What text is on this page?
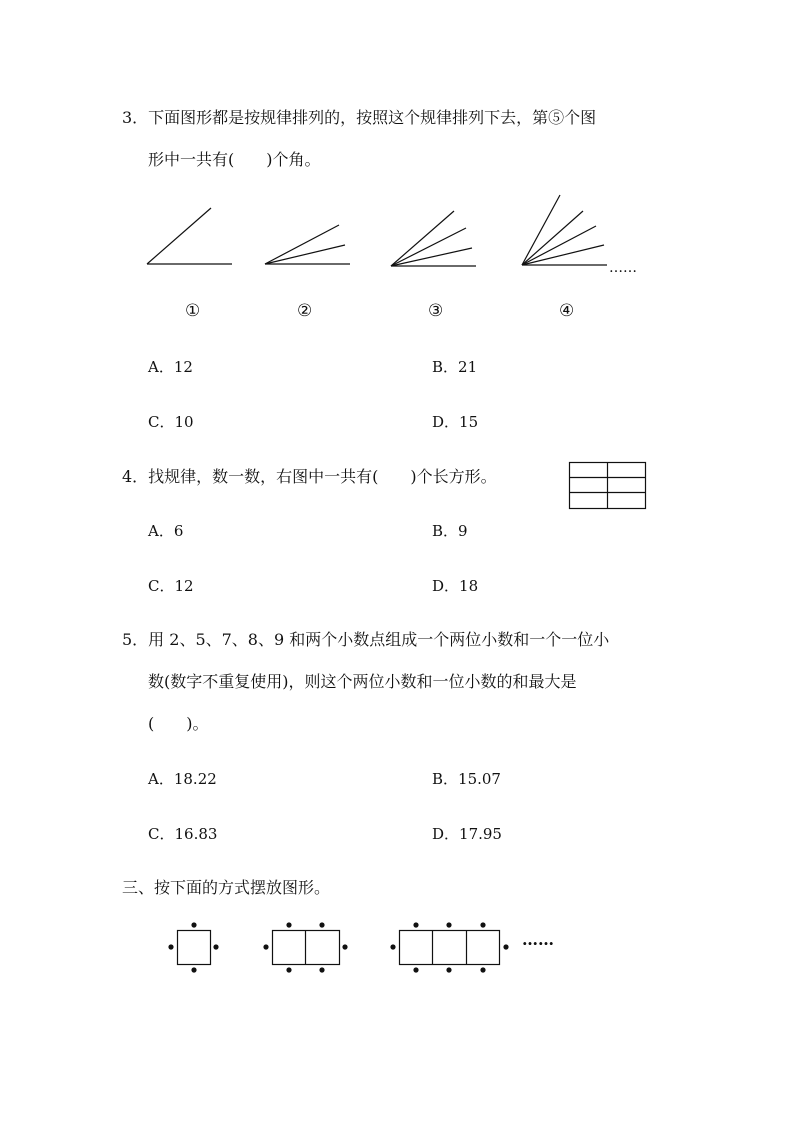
3．下面图形都是按规律排列的，按照这个规律排列下去，第⑤个图
形中一共有(　　)个角。
……
①	②	③	④
A．12	B．21
C．10	D．15
4．找规律，数一数，右图中一共有(　　)个长方形。
A．6	B．9
C．12	D．18
5．用 2、5、7、8、9 和两个小数点组成一个两位小数和一个一位小
数(数字不重复使用)，则这个两位小数和一位小数的和最大是
(　　)。
A．18.22	B．15.07
C．16.83	D．17.95
三、按下面的方式摆放图形。
……
